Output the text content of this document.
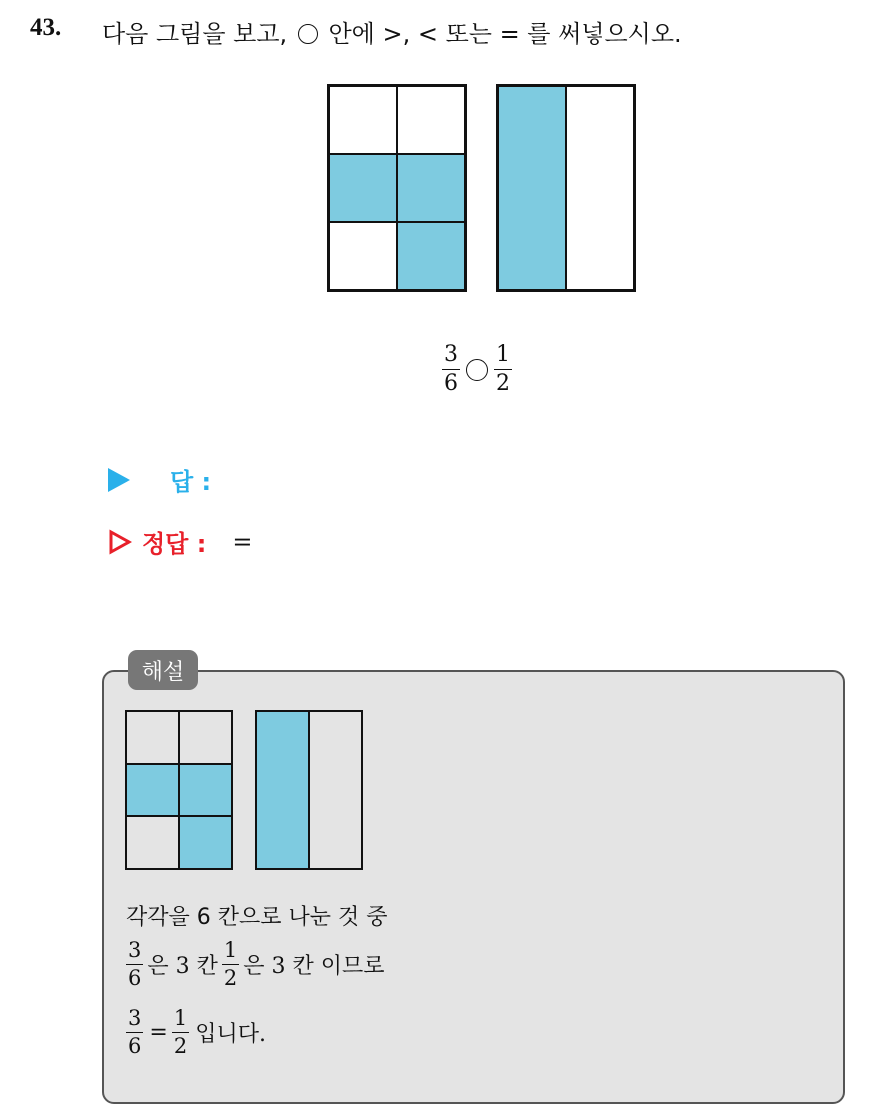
43. 다음 그림을 보고, 안에 >, < 또는 = 를 써넣으시오.
$\frac{3}{6} \frac{1}{2}$
답 :
정답 : =
해설
각각을 6 칸으로 나눈 것 중
$\frac{3}{6}$ 은 3 칸 $\frac{1}{2}$ 은 3 칸 이므로
$\frac{3}{6} = \frac{1}{2}$ 입니다.
